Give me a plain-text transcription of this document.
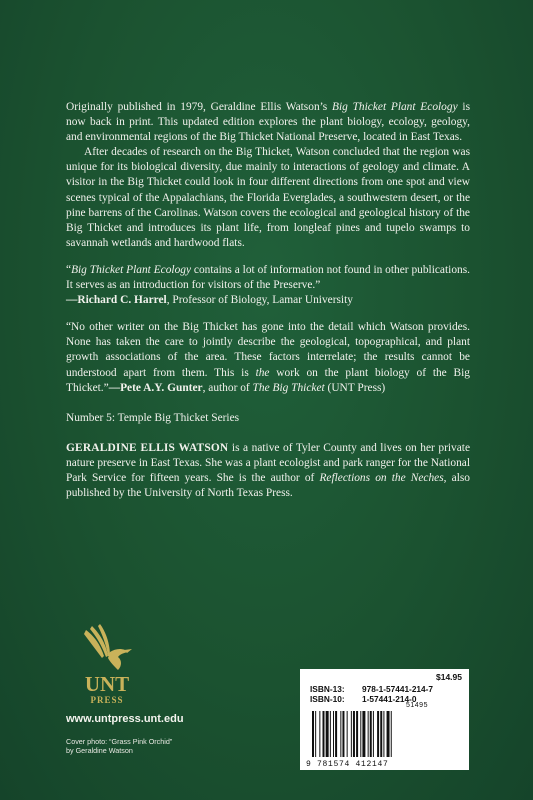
Originally published in 1979, Geraldine Ellis Watson’s Big Thicket Plant Ecology is now back in print. This updated edition explores the plant biology, ecology, geology, and environmental regions of the Big Thicket National Preserve, located in East Texas.

After decades of research on the Big Thicket, Watson concluded that the region was unique for its biological diversity, due mainly to interactions of geology and climate. A visitor in the Big Thicket could look in four different directions from one spot and view scenes typical of the Appalachians, the Florida Everglades, a southwestern desert, or the pine barrens of the Carolinas. Watson covers the ecological and geological history of the Big Thicket and introduces its plant life, from longleaf pines and tupelo swamps to savannah wetlands and hardwood flats.

“Big Thicket Plant Ecology contains a lot of information not found in other publications. It serves as an introduction for visitors of the Preserve.”
—Richard C. Harrel, Professor of Biology, Lamar University

“No other writer on the Big Thicket has gone into the detail which Watson provides. None has taken the care to jointly describe the geological, topographical, and plant growth associations of the area. These factors interrelate; the results cannot be understood apart from them. This is the work on the plant biology of the Big Thicket.”—Pete A.Y. Gunter, author of The Big Thicket (UNT Press)

Number 5: Temple Big Thicket Series

GERALDINE ELLIS WATSON is a native of Tyler County and lives on her private nature preserve in East Texas. She was a plant ecologist and park ranger for the National Park Service for fifteen years. She is the author of Reflections on the Neches, also published by the University of North Texas Press.

UNT
PRESS
www.untpress.unt.edu
Cover photo: “Grass Pink Orchid”
by Geraldine Watson
$14.95
ISBN-13: 978-1-57441-214-7
ISBN-10: 1-57441-214-0
51495
9 781574 412147
